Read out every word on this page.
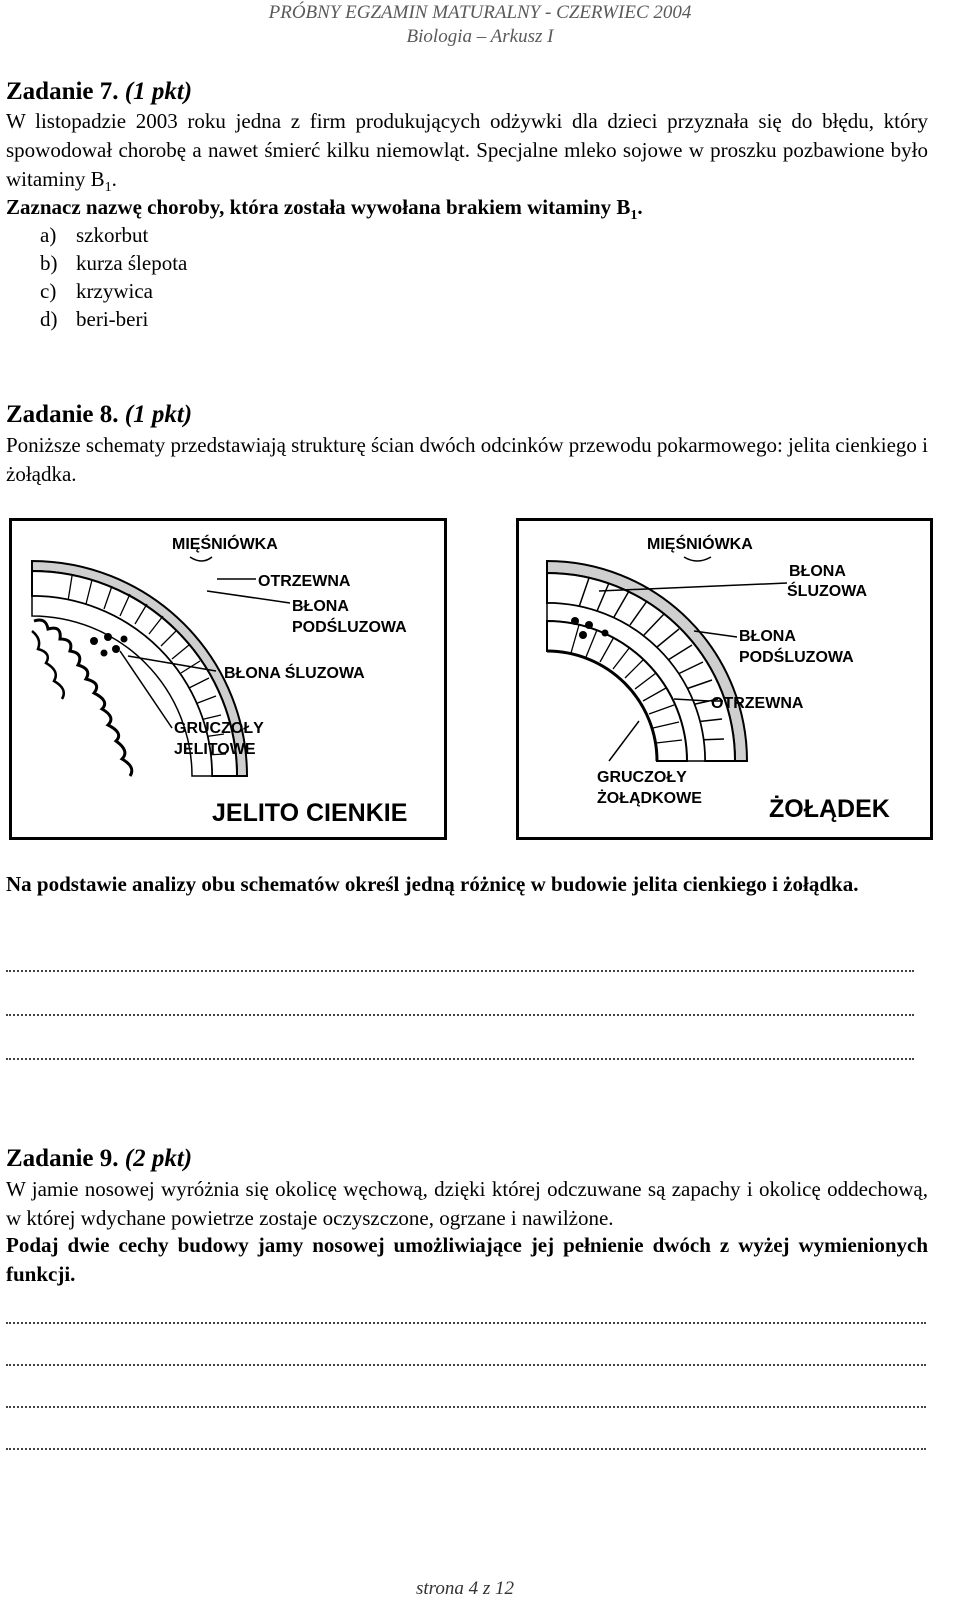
PRÓBNY EGZAMIN MATURALNY - CZERWIEC 2004
Biologia – Arkusz I
Zadanie 7. (1 pkt)
W listopadzie 2003 roku jedna z firm produkujących odżywki dla dzieci przyznała się do błędu, który spowodował chorobę a nawet śmierć kilku niemowląt. Specjalne mleko sojowe w proszku pozbawione było witaminy $B_1$.
Zaznacz nazwę choroby, która została wywołana brakiem witaminy $B_1$.
a) szkorbut
b) kurza ślepota
c) krzywica
d) beri-beri
Zadanie 8. (1 pkt)
Poniższe schematy przedstawiają strukturę ścian dwóch odcinków przewodu pokarmowego: jelita cienkiego i żołądka.
MIĘŚNIÓWKA
OTRZEWNA
BŁONA
PODŚLUZOWA
BŁONA ŚLUZOWA
GRUCZOŁY
JELITOWE
JELITO CIENKIE
MIĘŚNIÓWKA
BŁONA
ŚLUZOWA
BŁONA
PODŚLUZOWA
OTRZEWNA
GRUCZOŁY
ŻOŁĄDKOWE	ŻOŁĄDEK
Na podstawie analizy obu schematów określ jedną różnicę w budowie jelita cienkiego i żołądka.
Zadanie 9. (2 pkt)
W jamie nosowej wyróżnia się okolicę węchową, dzięki której odczuwane są zapachy i okolicę oddechową, w której wdychane powietrze zostaje oczyszczone, ogrzane i nawilżone.
Podaj dwie cechy budowy jamy nosowej umożliwiające jej pełnienie dwóch z wyżej wymienionych funkcji.
strona 4 z 12
